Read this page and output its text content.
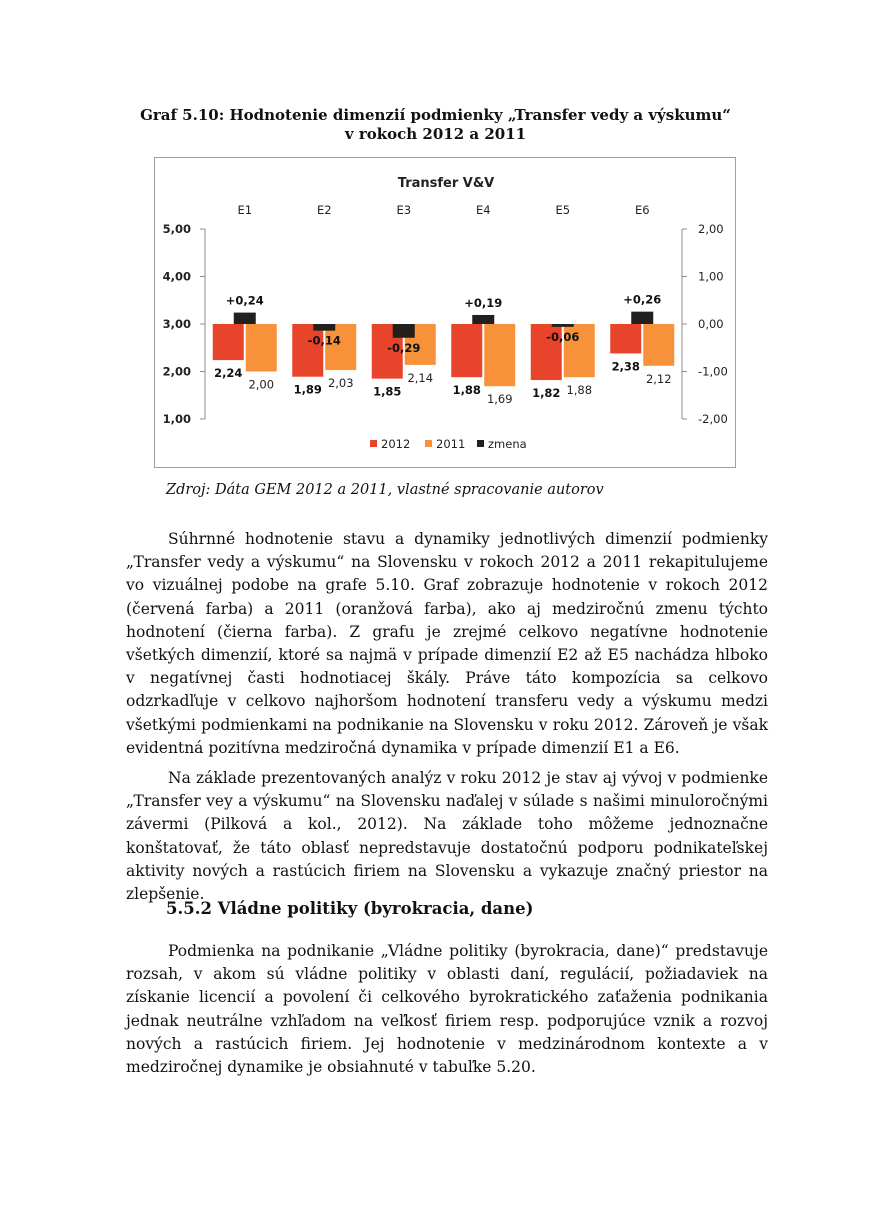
Graf 5.10: Hodnotenie dimenzií podmienky „Transfer vedy a výskumu“
v rokoch 2012 a 2011
Transfer V&V
5,00
4,00
3,00
2,00
1,00
2,00
1,00
0,00
-1,00
-2,00
E1
2,24
2,00
+0,24
E2
1,89 2,03
-0,14
E3
1,85
2,14
-0,29
E4
1,88
1,69
+0,19
E5
1,82 1,88
-0,06
E6
2,38
2,12
+0,26
2012 2011 zmena
Zdroj: Dáta GEM 2012 a 2011, vlastné spracovanie autorov

Súhrnné hodnotenie stavu a dynamiky jednotlivých dimenzií podmienky „Transfer vedy a výskumu“ na Slovensku v rokoch 2012 a 2011 rekapitulujeme vo vizuálnej podobe na grafe 5.10. Graf zobrazuje hodnotenie v rokoch 2012 (červená farba) a 2011 (oranžová farba), ako aj medziročnú zmenu týchto hodnotení (čierna farba). Z grafu je zrejmé celkovo negatívne hodnotenie všetkých dimenzií, ktoré sa najmä v prípade dimenzií E2 až E5 nachádza hlboko v negatívnej časti hodnotiacej škály. Práve táto kompozícia sa celkovo odzrkadľuje v celkovo najhoršom hodnotení transferu vedy a výskumu medzi všetkými podmienkami na podnikanie na Slovensku v roku 2012. Zároveň je však evidentná pozitívna medziročná dynamika v prípade dimenzií E1 a E6.

Na základe prezentovaných analýz v roku 2012 je stav aj vývoj v podmienke „Transfer vey a výskumu“ na Slovensku naďalej v súlade s našimi minuloročnými závermi (Pilková a kol., 2012). Na základe toho môžeme jednoznačne konštatovať, že táto oblasť nepredstavuje dostatočnú podporu podnikateľskej aktivity nových a rastúcich firiem na Slovensku a vykazuje značný priestor na zlepšenie.

5.5.2 Vládne politiky (byrokracia, dane)

Podmienka na podnikanie „Vládne politiky (byrokracia, dane)“ predstavuje rozsah, v akom sú vládne politiky v oblasti daní, regulácií, požiadaviek na získanie licencií a povolení či celkového byrokratického zaťaženia podnikania jednak neutrálne vzhľadom na veľkosť firiem resp. podporujúce vznik a rozvoj nových a rastúcich firiem. Jej hodnotenie v medzinárodnom kontexte a v medziročnej dynamike je obsiahnuté v tabuľke 5.20.
